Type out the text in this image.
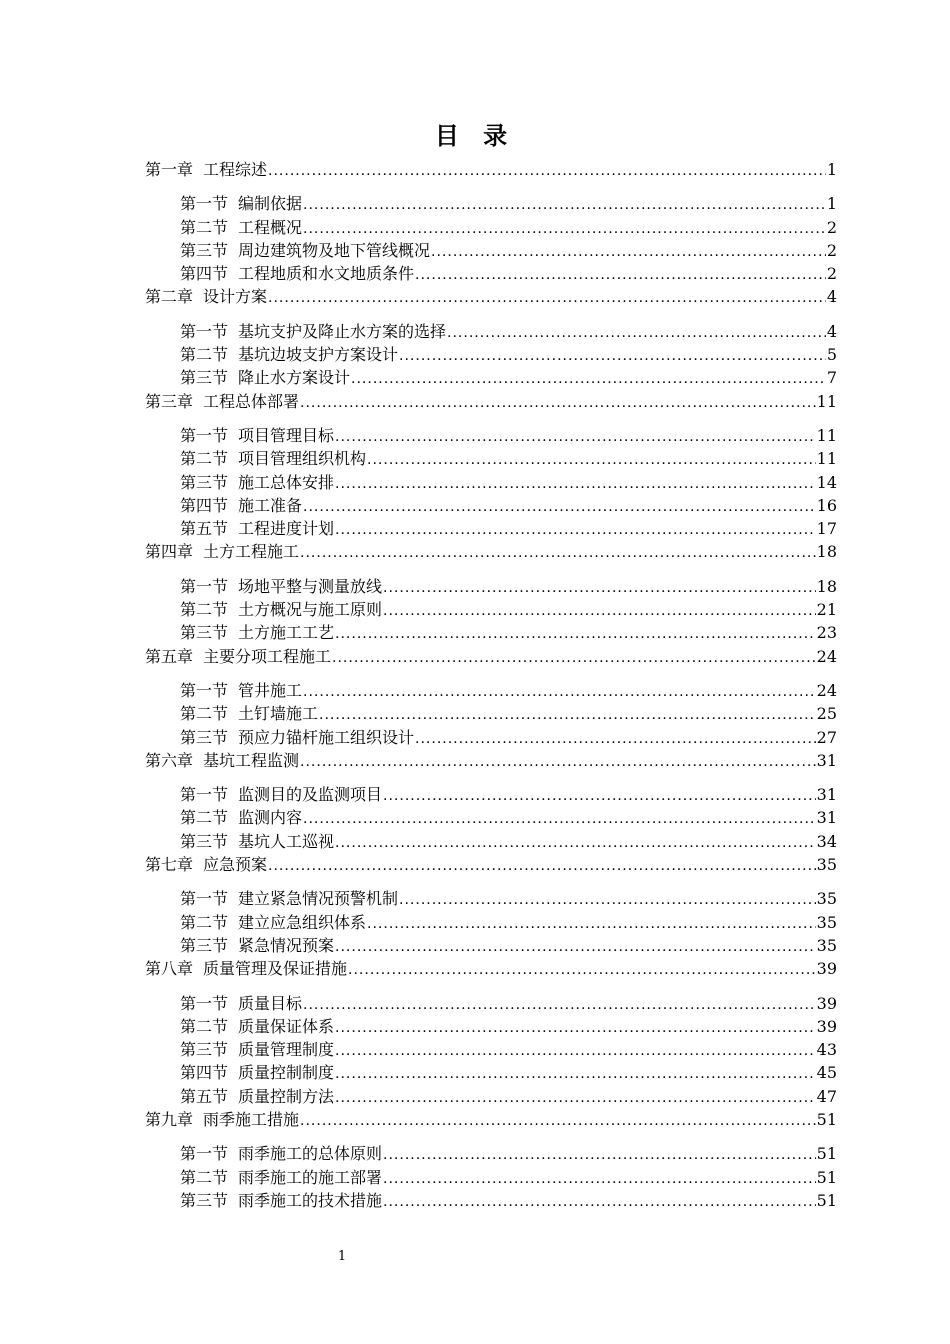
目 录
第一章 工程综述 .....	1
第一节 编制依据 .....	1
第二节 工程概况 .....	2
第三节 周边建筑物及地下管线概况 .....	2
第四节 工程地质和水文地质条件 .....	2
第二章 设计方案 .....	4
第一节 基坑支护及降止水方案的选择 .....	4
第二节 基坑边坡支护方案设计 .....	5
第三节 降止水方案设计 .....	7
第三章 工程总体部署 .....	11
第一节 项目管理目标 .....	11
第二节 项目管理组织机构 .....	11
第三节 施工总体安排 .....	14
第四节 施工准备 .....	16
第五节 工程进度计划 .....	17
第四章 土方工程施工 .....	18
第一节 场地平整与测量放线 .....	18
第二节 土方概况与施工原则 .....	21
第三节 土方施工工艺 .....	23
第五章 主要分项工程施工 .....	24
第一节 管井施工 .....	24
第二节 土钉墙施工 .....	25
第三节 预应力锚杆施工组织设计 .....	27
第六章 基坑工程监测 .....	31
第一节 监测目的及监测项目 .....	31
第二节 监测内容 .....	31
第三节 基坑人工巡视 .....	34
第七章 应急预案 .....	35
第一节 建立紧急情况预警机制 .....	35
第二节 建立应急组织体系 .....	35
第三节 紧急情况预案 .....	35
第八章 质量管理及保证措施 .....	39
第一节 质量目标 .....	39
第二节 质量保证体系 .....	39
第三节 质量管理制度 .....	43
第四节 质量控制制度 .....	45
第五节 质量控制方法 .....	47
第九章 雨季施工措施 .....	51
第一节 雨季施工的总体原则 .....	51
第二节 雨季施工的施工部署 .....	51
第三节 雨季施工的技术措施 .....	51
1
